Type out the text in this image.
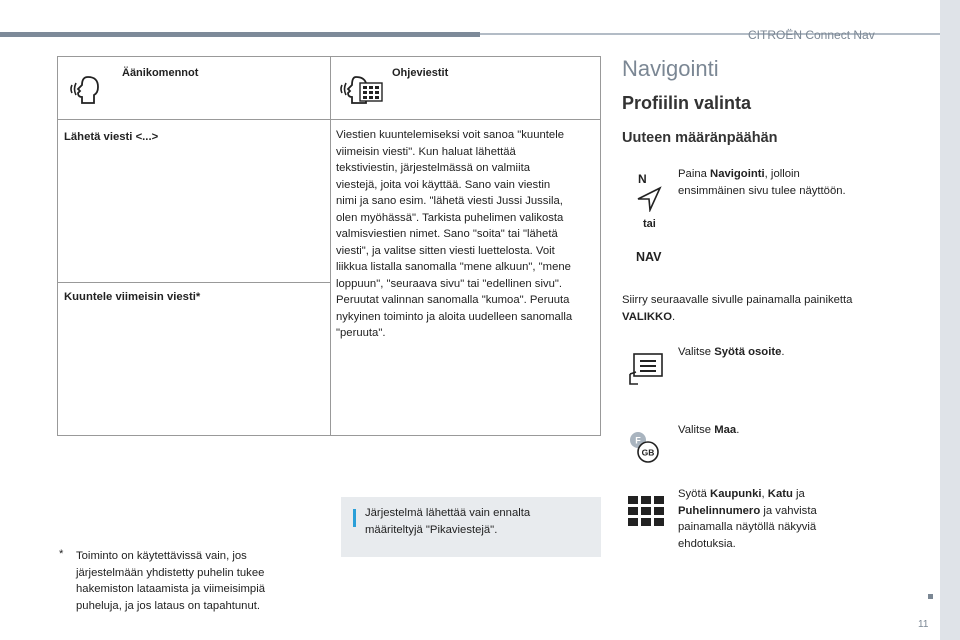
CITROËN Connect Nav
11
Äänikomennot	Ohjeviestit
Lähetä viesti <...>
Kuuntele viimeisin viesti*
Viestien kuuntelemiseksi voit sanoa "kuuntele
viimeisin viesti". Kun haluat lähettää
tekstiviestin, järjestelmässä on valmiita
viestejä, joita voi käyttää. Sano vain viestin
nimi ja sano esim. "lähetä viesti Jussi Jussila,
olen myöhässä". Tarkista puhelimen valikosta
valmisviestien nimet. Sano "soita" tai "lähetä
viesti", ja valitse sitten viesti luettelosta. Voit
liikkua listalla sanomalla "mene alkuun", "mene
loppuun", "seuraava sivu" tai "edellinen sivu".
Peruutat valinnan sanomalla "kumoa". Peruuta
nykyinen toiminto ja aloita uudelleen sanomalla
"peruuta".
Järjestelmä lähettää vain ennalta
määriteltyjä "Pikaviestejä".
* Toiminto on käytettävissä vain, jos
järjestelmään yhdistetty puhelin tukee
hakemiston lataamista ja viimeisimpiä
puheluja, ja jos lataus on tapahtunut.
Navigointi
Profiilin valinta
Uuteen määränpäähän
N
tai
NAV
Paina Navigointi, jolloin
ensimmäinen sivu tulee näyttöön.
Siirry seuraavalle sivulle painamalla painiketta
VALIKKO.
Valitse Syötä osoite.
F
GB
Valitse Maa.
Syötä Kaupunki, Katu ja
Puhelinnumero ja vahvista
painamalla näytöllä näkyviä
ehdotuksia.
